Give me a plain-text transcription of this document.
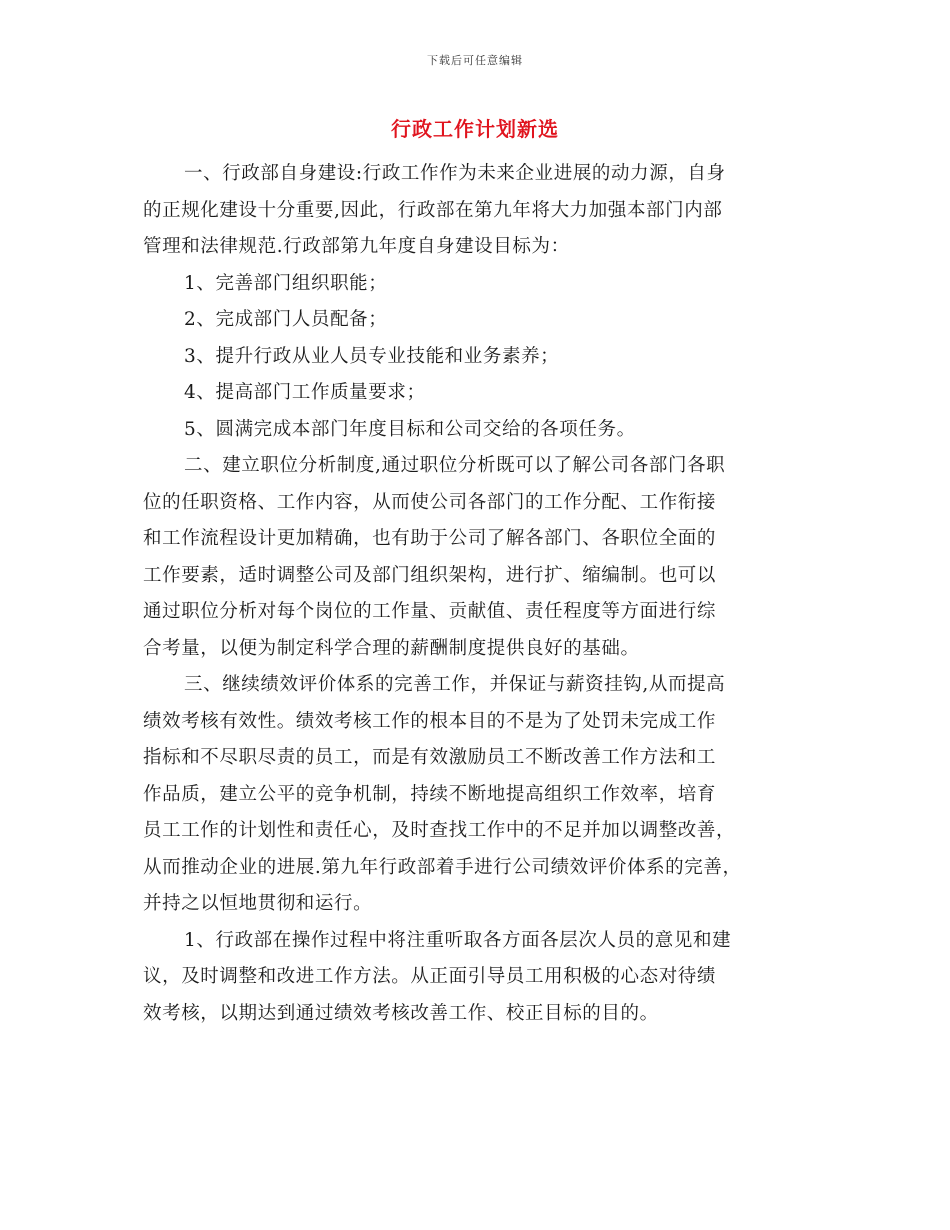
下载后可任意编辑
行政工作计划新选
一、行政部自身建设:行政工作作为未来企业进展的动力源，自身
的正规化建设十分重要,因此，行政部在第九年将大力加强本部门内部
管理和法律规范.行政部第九年度自身建设目标为：
1、完善部门组织职能；
2、完成部门人员配备；
3、提升行政从业人员专业技能和业务素养；
4、提高部门工作质量要求；
5、圆满完成本部门年度目标和公司交给的各项任务。
二、建立职位分析制度,通过职位分析既可以了解公司各部门各职
位的任职资格、工作内容，从而使公司各部门的工作分配、工作衔接
和工作流程设计更加精确，也有助于公司了解各部门、各职位全面的
工作要素，适时调整公司及部门组织架构，进行扩、缩编制。也可以
通过职位分析对每个岗位的工作量、贡献值、责任程度等方面进行综
合考量，以便为制定科学合理的薪酬制度提供良好的基础。
三、继续绩效评价体系的完善工作，并保证与薪资挂钩,从而提高
绩效考核有效性。绩效考核工作的根本目的不是为了处罚未完成工作
指标和不尽职尽责的员工，而是有效激励员工不断改善工作方法和工
作品质，建立公平的竞争机制，持续不断地提高组织工作效率，培育
员工工作的计划性和责任心，及时查找工作中的不足并加以调整改善，
从而推动企业的进展.第九年行政部着手进行公司绩效评价体系的完善，
并持之以恒地贯彻和运行。
1、行政部在操作过程中将注重听取各方面各层次人员的意见和建
议，及时调整和改进工作方法。从正面引导员工用积极的心态对待绩
效考核，以期达到通过绩效考核改善工作、校正目标的目的。
